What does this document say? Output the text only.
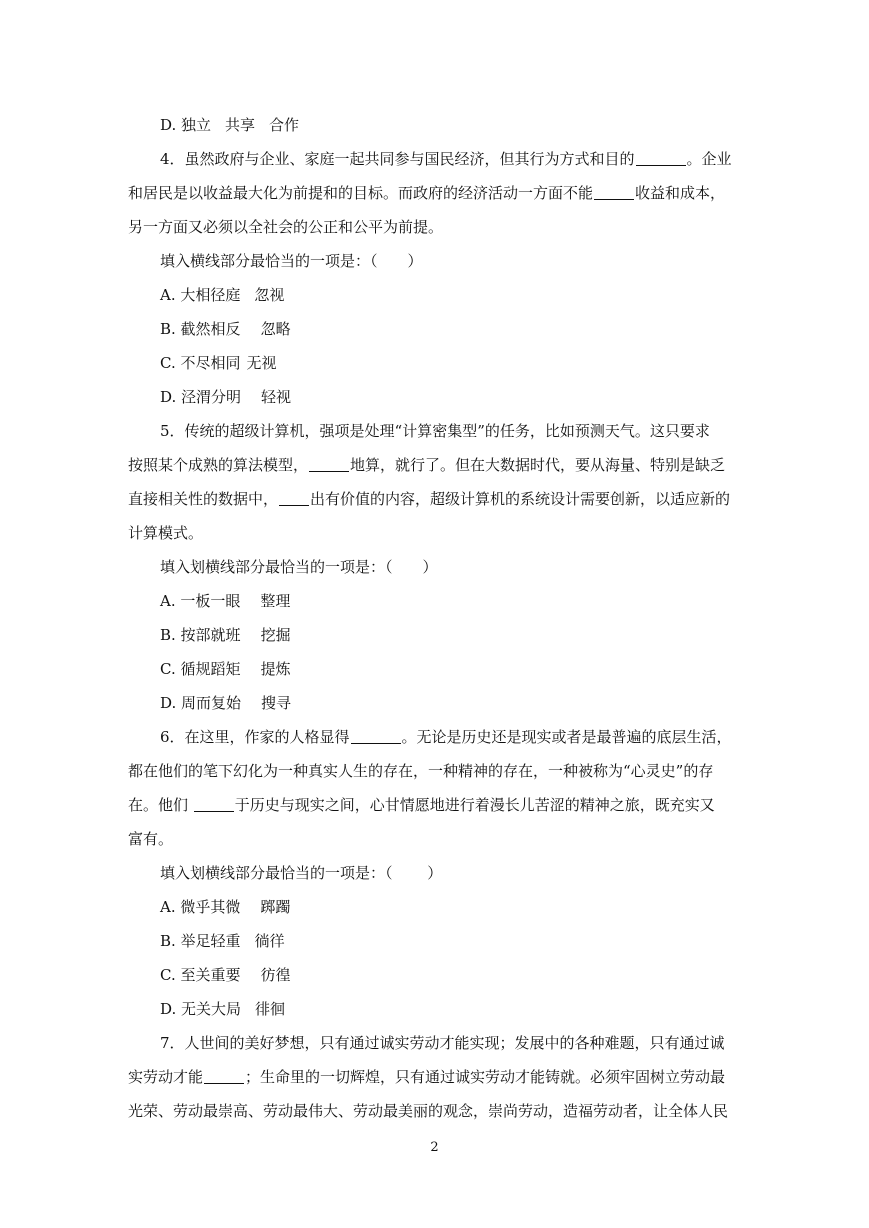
D. 独立 共享 合作
4．虽然政府与企业、家庭一起共同参与国民经济，但其行为方式和目的	。企业
和居民是以收益最大化为前提和的目标。而政府的经济活动一方面不能	收益和成本，
另一方面又必须以全社会的公正和公平为前提。
填入横线部分最恰当的一项是：（　　）
A. 大相径庭 忽视
B. 截然相反 忽略
C. 不尽相同 无视
D. 泾渭分明 轻视
5．传统的超级计算机，强项是处理“计算密集型”的任务，比如预测天气。这只要求
按照某个成熟的算法模型，	地算，就行了。但在大数据时代，要从海量、特别是缺乏
直接相关性的数据中， 出有价值的内容，超级计算机的系统设计需要创新，以适应新的
计算模式。
填入划横线部分最恰当的一项是：（　　）
A. 一板一眼 整理
B. 按部就班 挖掘
C. 循规蹈矩 提炼
D. 周而复始 搜寻
6．在这里，作家的人格显得	。无论是历史还是现实或者是最普遍的底层生活，
都在他们的笔下幻化为一种真实人生的存在，一种精神的存在，一种被称为“心灵史”的存
在。他们	于历史与现实之间，心甘情愿地进行着漫长儿苦涩的精神之旅，既充实又
富有。
填入划横线部分最恰当的一项是：（　　 ）
A. 微乎其微 踯躅
B. 举足轻重 徜徉
C. 至关重要 彷徨
D. 无关大局 徘徊
7．人世间的美好梦想，只有通过诚实劳动才能实现；发展中的各种难题，只有通过诚
实劳动才能	；生命里的一切辉煌，只有通过诚实劳动才能铸就。必须牢固树立劳动最
光荣、劳动最崇高、劳动最伟大、劳动最美丽的观念，崇尚劳动，造福劳动者，让全体人民
2
